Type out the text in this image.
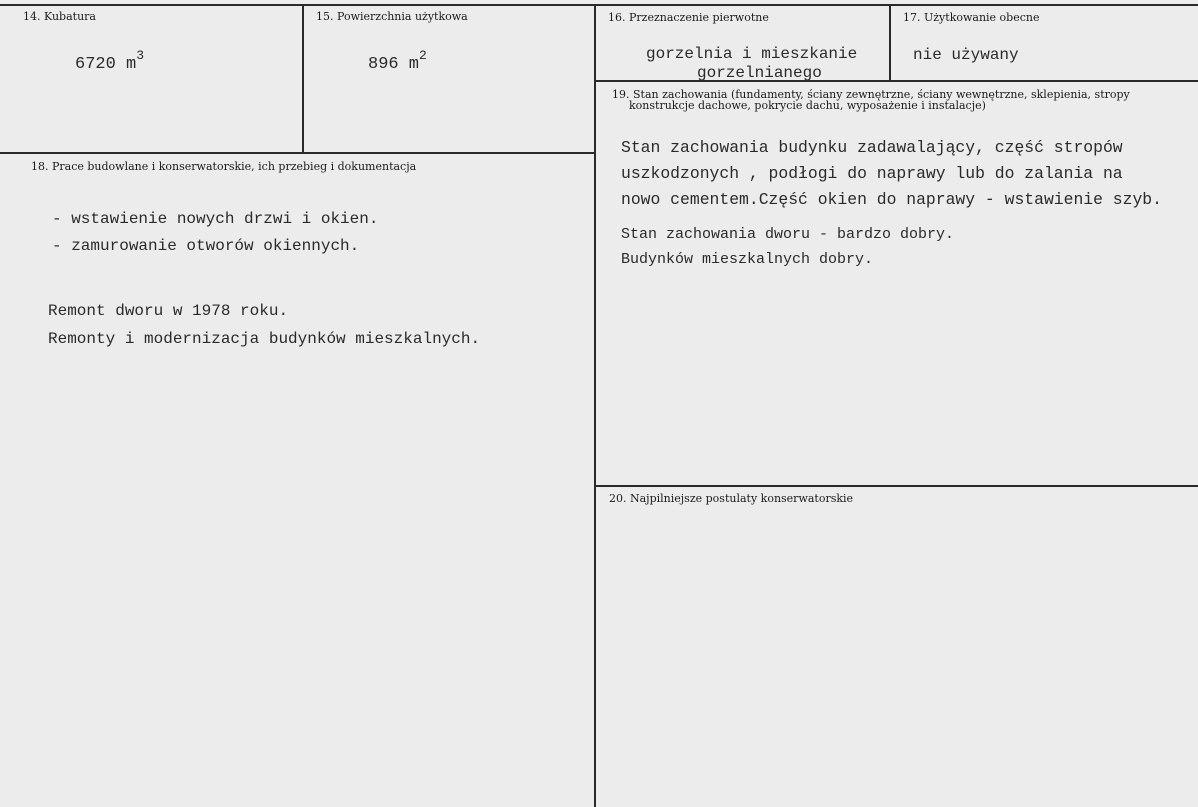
14. Kubatura
6720 $m^3$
15. Powierzchnia użytkowa
896 $m^2$
16. Przeznaczenie pierwotne
gorzelnia i mieszkanie
gorzelnianego
17. Użytkowanie obecne
nie używany
18. Prace budowlane i konserwatorskie, ich przebieg i dokumentacja
- wstawienie nowych drzwi i okien.
- zamurowanie otworów okiennych.
Remont dworu w 1978 roku.
Remonty i modernizacja budynków mieszkalnych.
19. Stan zachowania (fundamenty, ściany zewnętrzne, ściany wewnętrzne, sklepienia, stropy
konstrukcje dachowe, pokrycie dachu, wyposażenie i instalacje)
Stan zachowania budynku zadawalający, część stropów
uszkodzonych , podłogi do naprawy lub do zalania na
nowo cementem.Część okien do naprawy - wstawienie szyb.
Stan zachowania dworu - bardzo dobry.
Budynków mieszkalnych dobry.
20. Najpilniejsze postulaty konserwatorskie
